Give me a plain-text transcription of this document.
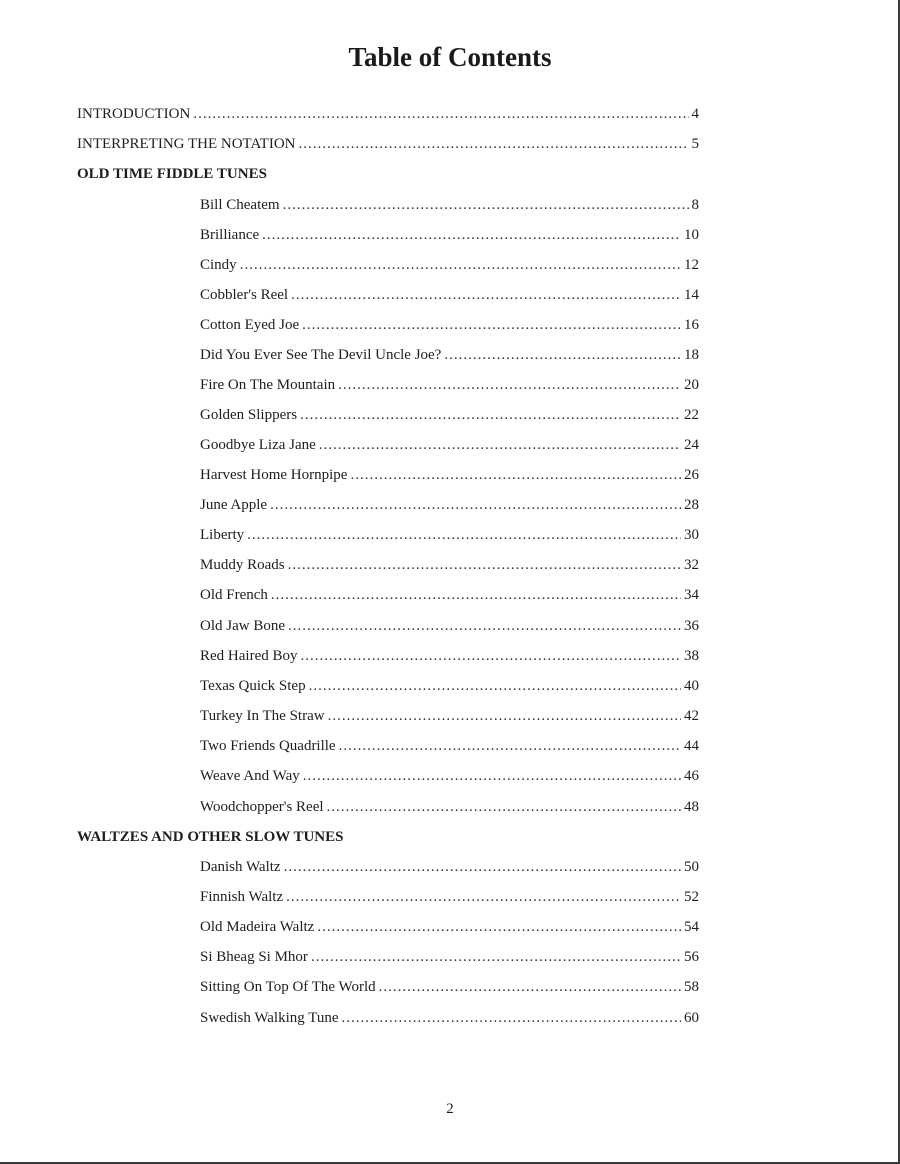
Table of Contents
INTRODUCTION .....	4
INTERPRETING THE NOTATION .....	5
OLD TIME FIDDLE TUNES
Bill Cheatem .....	8
Brilliance .....	10
Cindy .....	12
Cobbler's Reel .....	14
Cotton Eyed Joe .....	16
Did You Ever See The Devil Uncle Joe? .....	18
Fire On The Mountain .....	20
Golden Slippers .....	22
Goodbye Liza Jane .....	24
Harvest Home Hornpipe .....	26
June Apple .....	28
Liberty .....	30
Muddy Roads .....	32
Old French .....	34
Old Jaw Bone .....	36
Red Haired Boy .....	38
Texas Quick Step .....	40
Turkey In The Straw .....	42
Two Friends Quadrille .....	44
Weave And Way .....	46
Woodchopper's Reel .....	48
WALTZES AND OTHER SLOW TUNES
Danish Waltz .....	50
Finnish Waltz .....	52
Old Madeira Waltz .....	54
Si Bheag Si Mhor .....	56
Sitting On Top Of The World .....	58
Swedish Walking Tune .....	60
2
